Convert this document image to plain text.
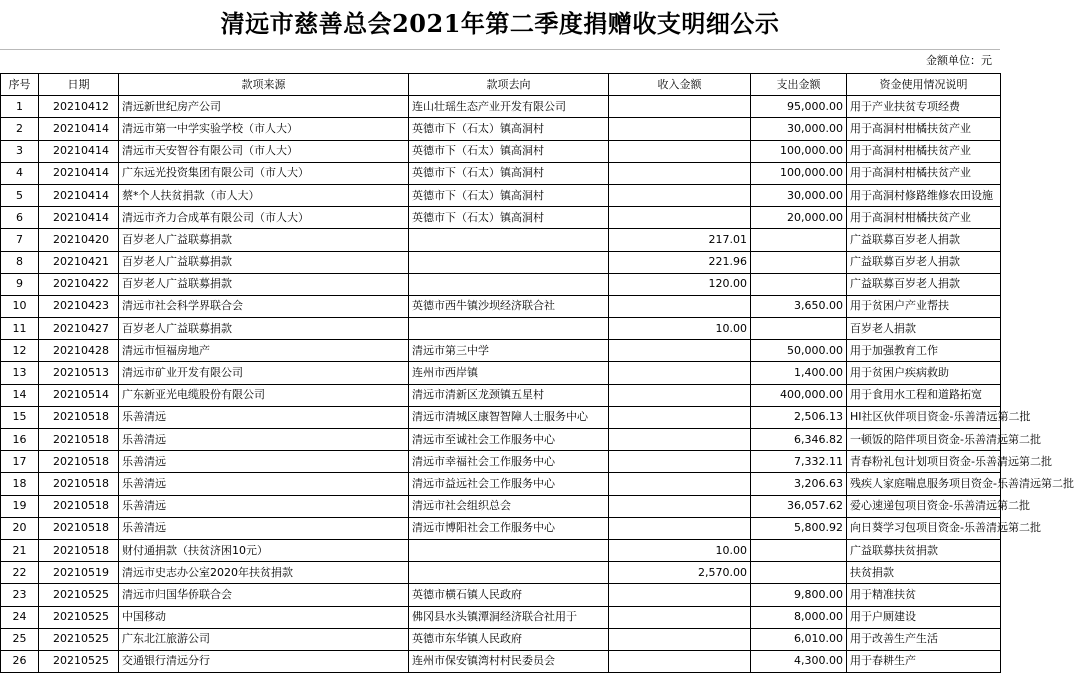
清远市慈善总会2021年第二季度捐赠收支明细公示
金额单位：元
序号	日期	款项来源	款项去向	收入金额	支出金额	资金使用情况说明
1	20210412	清远新世纪房产公司	连山壮瑶生态产业开发有限公司		95,000.00	用于产业扶贫专项经费
2	20210414	清远市第一中学实验学校（市人大）	英德市下（石太）镇高洞村		30,000.00	用于高洞村柑橘扶贫产业
3	20210414	清远市天安智谷有限公司（市人大）	英德市下（石太）镇高洞村		100,000.00	用于高洞村柑橘扶贫产业
4	20210414	广东远光投资集团有限公司（市人大）	英德市下（石太）镇高洞村		100,000.00	用于高洞村柑橘扶贫产业
5	20210414	蔡*个人扶贫捐款（市人大）	英德市下（石太）镇高洞村		30,000.00	用于高洞村修路维修农田设施
6	20210414	清远市齐力合成革有限公司（市人大）	英德市下（石太）镇高洞村		20,000.00	用于高洞村柑橘扶贫产业
7	20210420	百岁老人广益联募捐款		217.01		广益联募百岁老人捐款
8	20210421	百岁老人广益联募捐款		221.96		广益联募百岁老人捐款
9	20210422	百岁老人广益联募捐款		120.00		广益联募百岁老人捐款
10	20210423	清远市社会科学界联合会	英德市西牛镇沙坝经济联合社		3,650.00	用于贫困户产业帮扶
11	20210427	百岁老人广益联募捐款		10.00		百岁老人捐款
12	20210428	清远市恒福房地产	清远市第三中学		50,000.00	用于加强教育工作
13	20210513	清远市矿业开发有限公司	连州市西岸镇		1,400.00	用于贫困户疾病救助
14	20210514	广东新亚光电缆股份有限公司	清远市清新区龙颈镇五星村		400,000.00	用于食用水工程和道路拓宽
15	20210518	乐善清远	清远市清城区康智智障人士服务中心		2,506.13	HI社区伙伴项目资金-乐善清远第二批
16	20210518	乐善清远	清远市至诚社会工作服务中心		6,346.82	一顿饭的陪伴项目资金-乐善清远第二批
17	20210518	乐善清远	清远市幸福社会工作服务中心		7,332.11	青春粉礼包计划项目资金-乐善清远第二批
18	20210518	乐善清远	清远市益远社会工作服务中心		3,206.63	残疾人家庭喘息服务项目资金-乐善清远第二批
19	20210518	乐善清远	清远市社会组织总会		36,057.62	爱心速递包项目资金-乐善清远第二批
20	20210518	乐善清远	清远市博阳社会工作服务中心		5,800.92	向日葵学习包项目资金-乐善清远第二批
21	20210518	财付通捐款（扶贫济困10元）		10.00		广益联募扶贫捐款
22	20210519	清远市史志办公室2020年扶贫捐款		2,570.00		扶贫捐款
23	20210525	清远市归国华侨联合会	英德市横石镇人民政府		9,800.00	用于精准扶贫
24	20210525	中国移动	佛冈县水头镇潭洞经济联合社用于		8,000.00	用于户厕建设
25	20210525	广东北江旅游公司	英德市东华镇人民政府		6,010.00	用于改善生产生活
26	20210525	交通银行清远分行	连州市保安镇湾村村民委员会		4,300.00	用于春耕生产
